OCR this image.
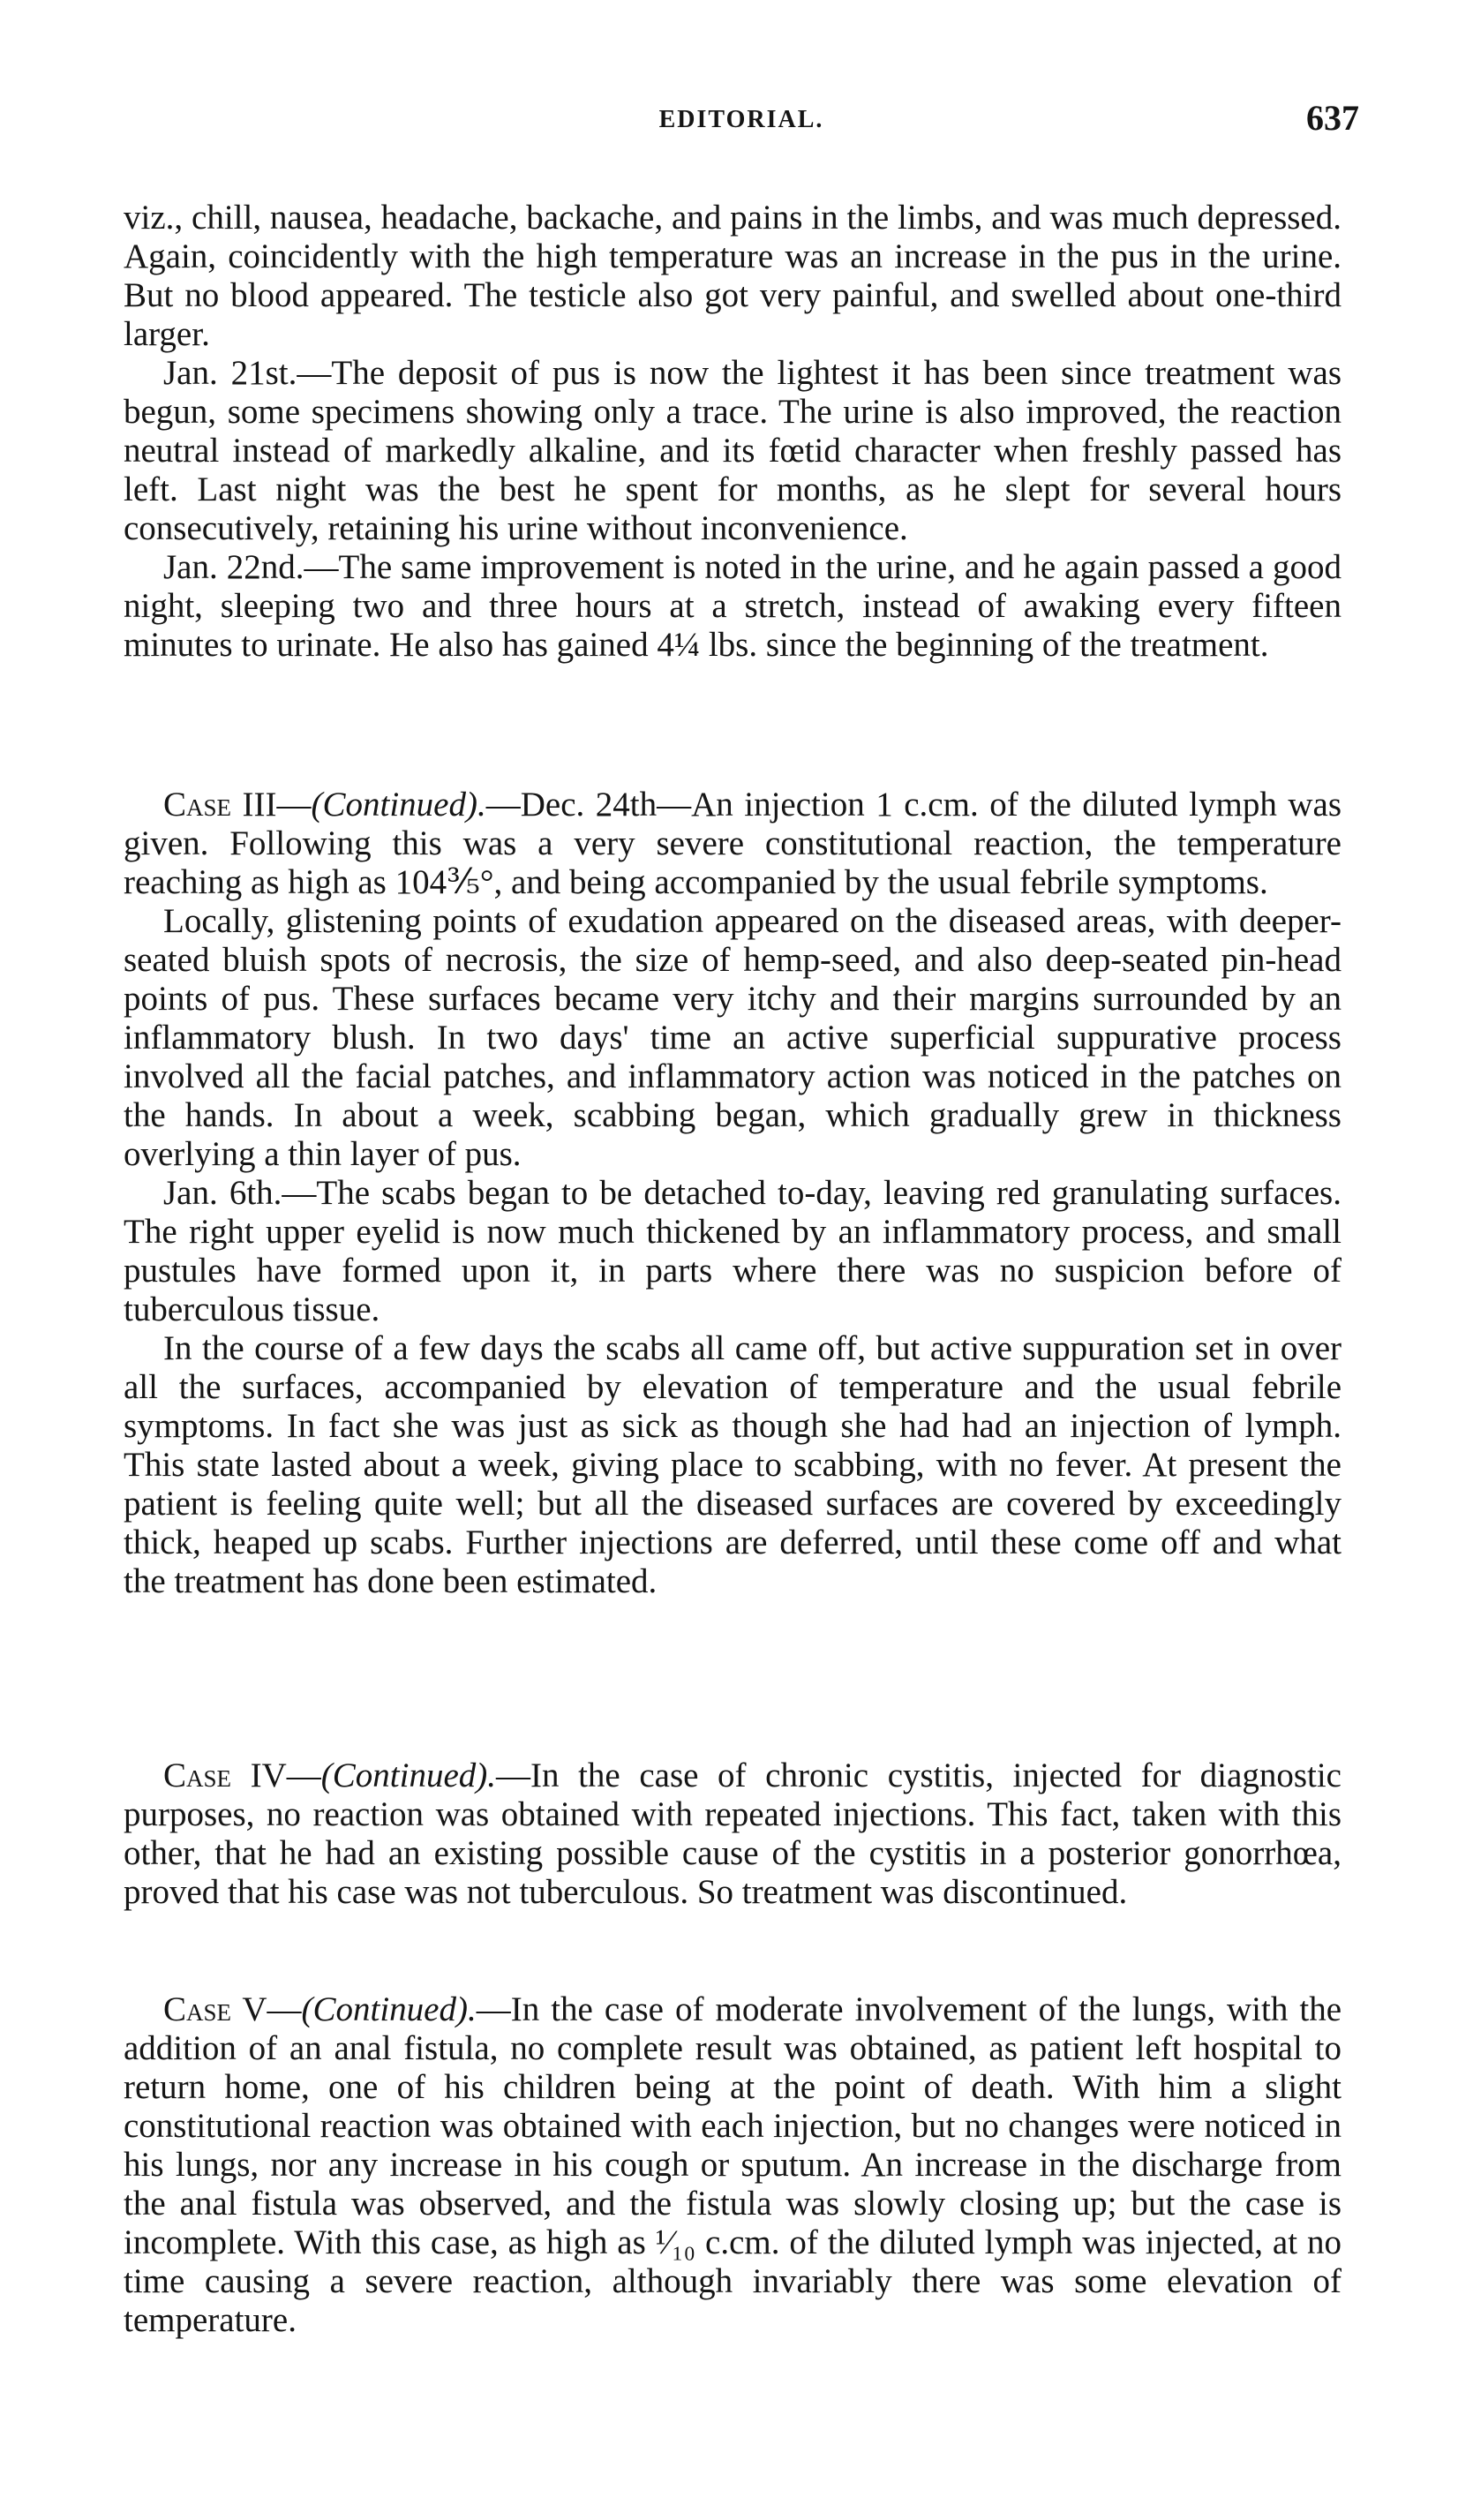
EDITORIAL.	637

viz., chill, nausea, headache, backache, and pains in the limbs, and was much depressed. Again, coincidently with the high temperature was an increase in the pus in the urine. But no blood appeared. The testicle also got very painful, and swelled about one-third larger.

Jan. 21st.—The deposit of pus is now the lightest it has been since treatment was begun, some specimens showing only a trace. The urine is also improved, the reaction neutral instead of markedly alkaline, and its fœtid character when freshly passed has left. Last night was the best he spent for months, as he slept for several hours consecutively, retaining his urine without inconvenience.

Jan. 22nd.—The same improvement is noted in the urine, and he again passed a good night, sleeping two and three hours at a stretch, instead of awaking every fifteen minutes to urinate. He also has gained 4¼ lbs. since the beginning of the treatment.

Case III—(Continued).—Dec. 24th—An injection 1 c.cm. of the diluted lymph was given. Following this was a very severe constitutional reaction, the temperature reaching as high as 104⅗°, and being accompanied by the usual febrile symptoms.

Locally, glistening points of exudation appeared on the diseased areas, with deeper-seated bluish spots of necrosis, the size of hemp-seed, and also deep-seated pin-head points of pus. These surfaces became very itchy and their margins surrounded by an inflammatory blush. In two days' time an active superficial suppurative process involved all the facial patches, and inflammatory action was noticed in the patches on the hands. In about a week, scabbing began, which gradually grew in thickness overlying a thin layer of pus.

Jan. 6th.—The scabs began to be detached to-day, leaving red granulating surfaces. The right upper eyelid is now much thickened by an inflammatory process, and small pustules have formed upon it, in parts where there was no suspicion before of tuberculous tissue.

In the course of a few days the scabs all came off, but active suppuration set in over all the surfaces, accompanied by elevation of temperature and the usual febrile symptoms. In fact she was just as sick as though she had had an injection of lymph. This state lasted about a week, giving place to scabbing, with no fever. At present the patient is feeling quite well; but all the diseased surfaces are covered by exceedingly thick, heaped up scabs. Further injections are deferred, until these come off and what the treatment has done been estimated.

Case IV—(Continued).—In the case of chronic cystitis, injected for diagnostic purposes, no reaction was obtained with repeated injections. This fact, taken with this other, that he had an existing possible cause of the cystitis in a posterior gonorrhœa, proved that his case was not tuberculous. So treatment was discontinued.

Case V—(Continued).—In the case of moderate involvement of the lungs, with the addition of an anal fistula, no complete result was obtained, as patient left hospital to return home, one of his children being at the point of death. With him a slight constitutional reaction was obtained with each injection, but no changes were noticed in his lungs, nor any increase in his cough or sputum. An increase in the discharge from the anal fistula was observed, and the fistula was slowly closing up; but the case is incomplete. With this case, as high as ¹⁄₁₀ c.cm. of the diluted lymph was injected, at no time causing a severe reaction, although invariably there was some elevation of temperature.
